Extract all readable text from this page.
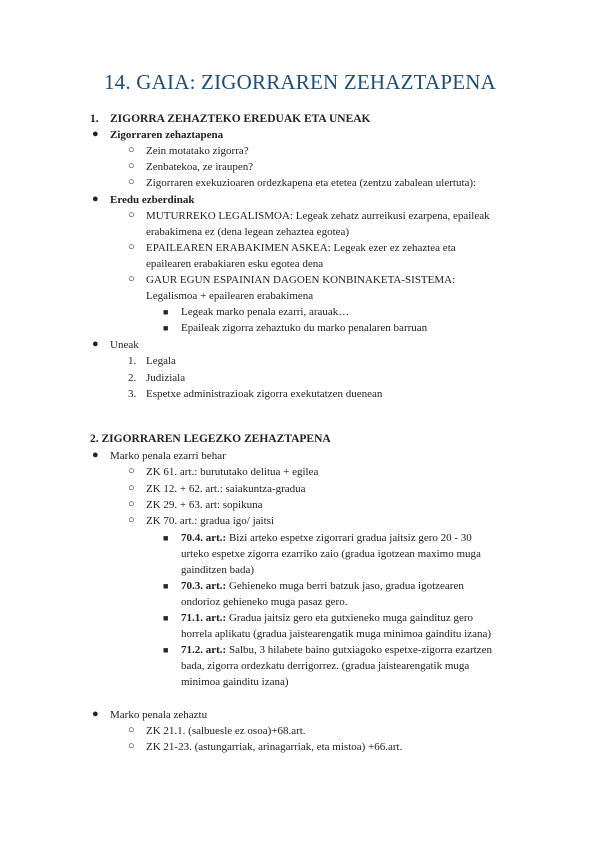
14. GAIA: ZIGORRAREN ZEHAZTAPENA

1. ZIGORRA ZEHAZTEKO EREDUAK ETA UNEAK

● Zigorraren zehaztapena

○ Zein motatako zigorra?

○ Zenbatekoa, ze iraupen?

○ Zigorraren exekuzioaren ordezkapena eta etetea (zentzu zabalean ulertuta):

● Eredu ezberdinak

○ MUTURREKO LEGALISMOA: Legeak zehatz aurreikusi ezarpena, epaileak

erabakimena ez (dena legean zehaztea egotea)

○ EPAILEAREN ERABAKIMEN ASKEA: Legeak ezer ez zehaztea eta

epailearen erabakiaren esku egotea dena

○ GAUR EGUN ESPAINIAN DAGOEN KONBINAKETA-SISTEMA:

Legalismoa + epailearen erabakimena

■ Legeak marko penala ezarri, arauak…

■ Epaileak zigorra zehaztuko du marko penalaren barruan

● Uneak

1. Legala

2. Judiziala

3. Espetxe administrazioak zigorra exekutatzen duenean

2. ZIGORRAREN LEGEZKO ZEHAZTAPENA

● Marko penala ezarri behar

○ ZK 61. art.: burututako delitua + egilea

○ ZK 12. + 62. art.: saiakuntza-gradua

○ ZK 29. + 63. art: sopikuna

○ ZK 70. art.: gradua igo/ jaitsi

■ 70.4. art.: Bizi arteko espetxe zigorrari gradua jaitsiz gero 20 - 30

urteko espetxe zigorra ezarriko zaio (gradua igotzean maximo muga

gainditzen bada)

■ 70.3. art.: Gehieneko muga berri batzuk jaso, gradua igotzearen

ondorioz gehieneko muga pasaz gero.

■ 71.1. art.: Gradua jaitsiz gero eta gutxieneko muga gaindituz gero

horrela aplikatu (gradua jaistearengatik muga minimoa gainditu izana)

■ 71.2. art.: Salbu, 3 hilabete baino gutxiagoko espetxe-zigorra ezartzen

bada, zigorra ordezkatu derrigorrez. (gradua jaistearengatik muga

minimoa gainditu izana)

● Marko penala zehaztu

○ ZK 21.1. (salbuesle ez osoa)+68.art.

○ ZK 21-23. (astungarriak, arinagarriak, eta mistoa) +66.art.
